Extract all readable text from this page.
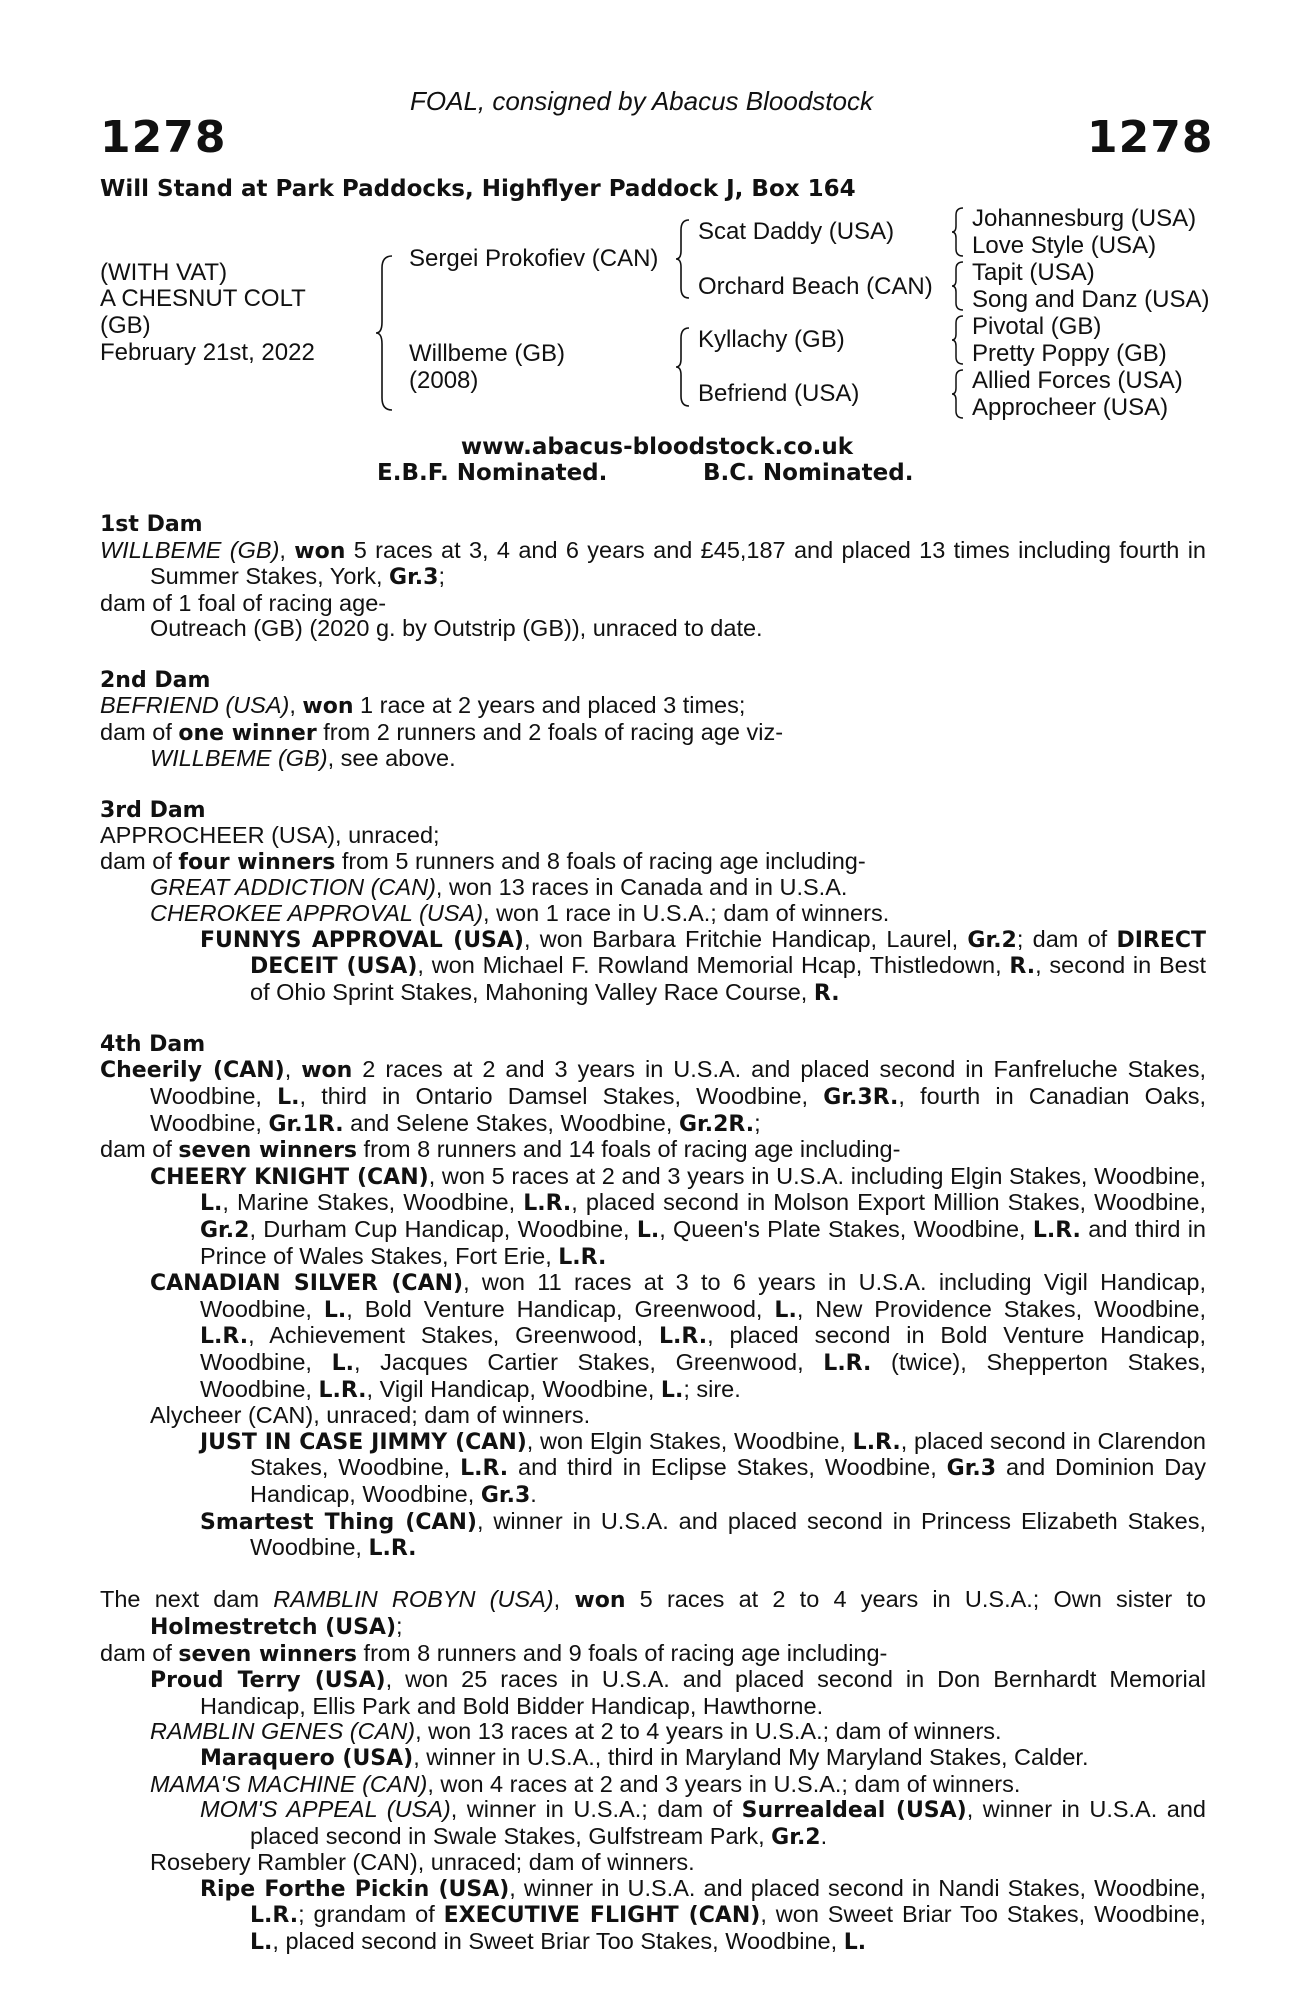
FOAL, consigned by Abacus Bloodstock
1278	1278
Will Stand at Park Paddocks, Highflyer Paddock J, Box 164
(WITH VAT)
A CHESNUT COLT
(GB)
February 21st, 2022
Sergei Prokofiev (CAN)
Willbeme (GB)
(2008)
Scat Daddy (USA)
Orchard Beach (CAN)
Kyllachy (GB)
Befriend (USA)
Johannesburg (USA)
Love Style (USA)
Tapit (USA)
Song and Danz (USA)
Pivotal (GB)
Pretty Poppy (GB)
Allied Forces (USA)
Approcheer (USA)
www.abacus-bloodstock.co.uk
E.B.F. Nominated.	B.C. Nominated.
1st Dam
WILLBEME (GB), won 5 races at 3, 4 and 6 years and £45,187 and placed 13 times including fourth in Summer Stakes, York, Gr.3;
dam of 1 foal of racing age-
Outreach (GB) (2020 g. by Outstrip (GB)), unraced to date.
2nd Dam
BEFRIEND (USA), won 1 race at 2 years and placed 3 times;
dam of one winner from 2 runners and 2 foals of racing age viz-
WILLBEME (GB), see above.
3rd Dam
APPROCHEER (USA), unraced;
dam of four winners from 5 runners and 8 foals of racing age including-
GREAT ADDICTION (CAN), won 13 races in Canada and in U.S.A.
CHEROKEE APPROVAL (USA), won 1 race in U.S.A.; dam of winners.
FUNNYS APPROVAL (USA), won Barbara Fritchie Handicap, Laurel, Gr.2; dam of DIRECT DECEIT (USA), won Michael F. Rowland Memorial Hcap, Thistledown, R., second in Best of Ohio Sprint Stakes, Mahoning Valley Race Course, R.
4th Dam
Cheerily (CAN), won 2 races at 2 and 3 years in U.S.A. and placed second in Fanfreluche Stakes, Woodbine, L., third in Ontario Damsel Stakes, Woodbine, Gr.3R., fourth in Canadian Oaks, Woodbine, Gr.1R. and Selene Stakes, Woodbine, Gr.2R.;
dam of seven winners from 8 runners and 14 foals of racing age including-
CHEERY KNIGHT (CAN), won 5 races at 2 and 3 years in U.S.A. including Elgin Stakes, Woodbine, L., Marine Stakes, Woodbine, L.R., placed second in Molson Export Million Stakes, Woodbine, Gr.2, Durham Cup Handicap, Woodbine, L., Queen's Plate Stakes, Woodbine, L.R. and third in Prince of Wales Stakes, Fort Erie, L.R.
CANADIAN SILVER (CAN), won 11 races at 3 to 6 years in U.S.A. including Vigil Handicap, Woodbine, L., Bold Venture Handicap, Greenwood, L., New Providence Stakes, Woodbine, L.R., Achievement Stakes, Greenwood, L.R., placed second in Bold Venture Handicap, Woodbine, L., Jacques Cartier Stakes, Greenwood, L.R. (twice), Shepperton Stakes, Woodbine, L.R., Vigil Handicap, Woodbine, L.; sire.
Alycheer (CAN), unraced; dam of winners.
JUST IN CASE JIMMY (CAN), won Elgin Stakes, Woodbine, L.R., placed second in Clarendon Stakes, Woodbine, L.R. and third in Eclipse Stakes, Woodbine, Gr.3 and Dominion Day Handicap, Woodbine, Gr.3.
Smartest Thing (CAN), winner in U.S.A. and placed second in Princess Elizabeth Stakes, Woodbine, L.R.
The next dam RAMBLIN ROBYN (USA), won 5 races at 2 to 4 years in U.S.A.; Own sister to Holmestretch (USA);
dam of seven winners from 8 runners and 9 foals of racing age including-
Proud Terry (USA), won 25 races in U.S.A. and placed second in Don Bernhardt Memorial Handicap, Ellis Park and Bold Bidder Handicap, Hawthorne.
RAMBLIN GENES (CAN), won 13 races at 2 to 4 years in U.S.A.; dam of winners.
Maraquero (USA), winner in U.S.A., third in Maryland My Maryland Stakes, Calder.
MAMA'S MACHINE (CAN), won 4 races at 2 and 3 years in U.S.A.; dam of winners.
MOM'S APPEAL (USA), winner in U.S.A.; dam of Surrealdeal (USA), winner in U.S.A. and placed second in Swale Stakes, Gulfstream Park, Gr.2.
Rosebery Rambler (CAN), unraced; dam of winners.
Ripe Forthe Pickin (USA), winner in U.S.A. and placed second in Nandi Stakes, Woodbine, L.R.; grandam of EXECUTIVE FLIGHT (CAN), won Sweet Briar Too Stakes, Woodbine, L., placed second in Sweet Briar Too Stakes, Woodbine, L.
